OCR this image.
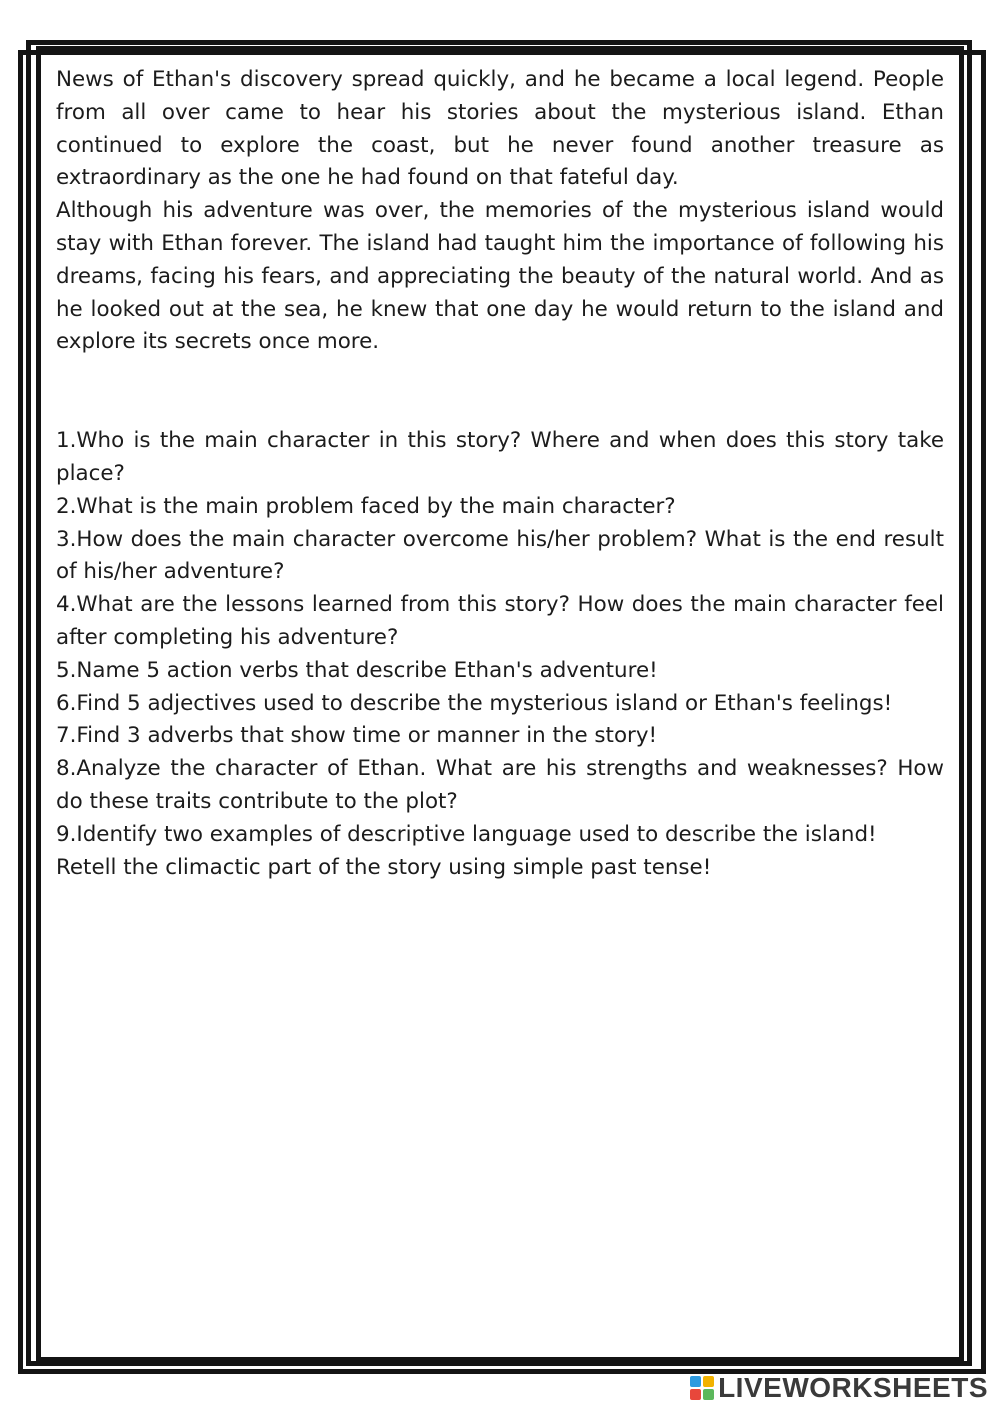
News of Ethan's discovery spread quickly, and he became a local legend. People from all over came to hear his stories about the mysterious island. Ethan continued to explore the coast, but he never found another treasure as extraordinary as the one he had found on that fateful day.

Although his adventure was over, the memories of the mysterious island would stay with Ethan forever. The island had taught him the importance of following his dreams, facing his fears, and appreciating the beauty of the natural world. And as he looked out at the sea, he knew that one day he would return to the island and explore its secrets once more.

1.Who is the main character in this story? Where and when does this story take place?

2.What is the main problem faced by the main character?

3.How does the main character overcome his/her problem? What is the end result of his/her adventure?

4.What are the lessons learned from this story? How does the main character feel after completing his adventure?

5.Name 5 action verbs that describe Ethan's adventure!

6.Find 5 adjectives used to describe the mysterious island or Ethan's feelings!

7.Find 3 adverbs that show time or manner in the story!

8.Analyze the character of Ethan. What are his strengths and weaknesses? How do these traits contribute to the plot?

9.Identify two examples of descriptive language used to describe the island!

Retell the climactic part of the story using simple past tense!

LIVEWORKSHEETS
